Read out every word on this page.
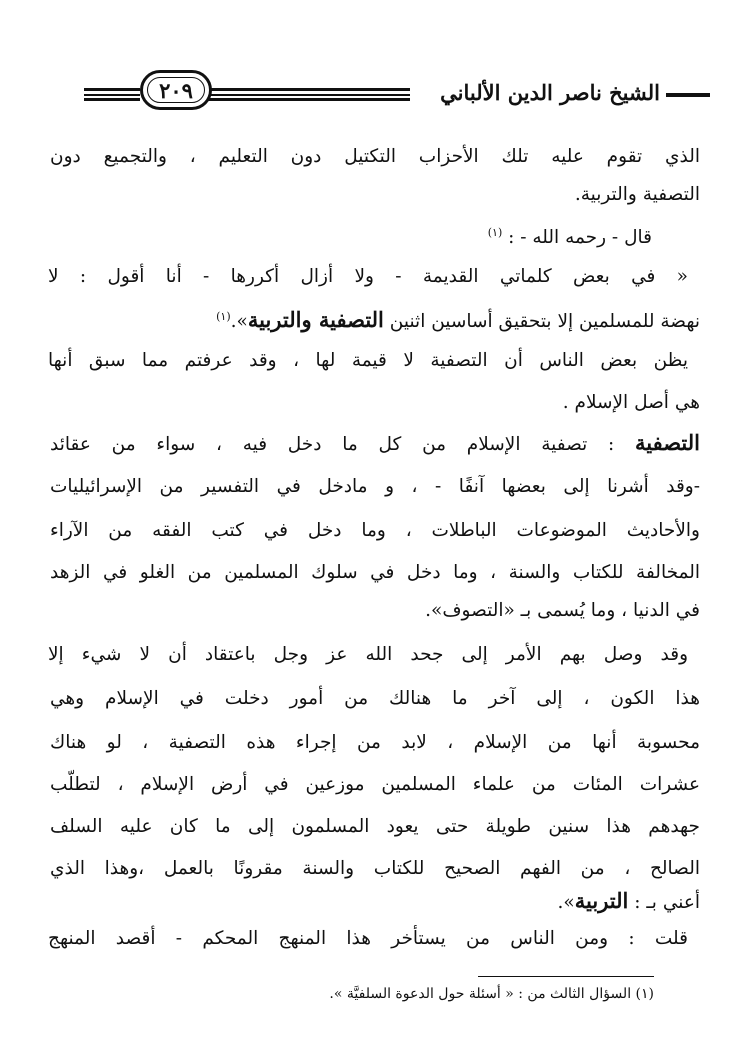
الشيخ ناصر الدين الألباني
٢٠٩
الذي تقوم عليه تلك الأحزاب التكتيل دون التعليم ، والتجميع دون
التصفية والتربية.
قال - رحمه الله - : $^{(١)}$
« في بعض كلماتي القديمة - ولا أزال أكررها - أنا أقول : لا
نهضة للمسلمين إلا بتحقيق أساسين اثنين التصفية والتربية».$^{(١)}$
يظن بعض الناس أن التصفية لا قيمة لها ، وقد عرفتم مما سبق أنها
هي أصل الإسلام .
التصفية : تصفية الإسلام من كل ما دخل فيه ، سواء من عقائد
-وقد أشرنا إلى بعضها آنفًا - ، و مادخل في التفسير من الإسرائيليات
والأحاديث الموضوعات الباطلات ، وما دخل في كتب الفقه من الآراء
المخالفة للكتاب والسنة ، وما دخل في سلوك المسلمين من الغلو في الزهد
في الدنيا ، وما يُسمى بـ «التصوف».
وقد وصل بهم الأمر إلى جحد الله عز وجل باعتقاد أن لا شيء إلا
هذا الكون ، إلى آخر ما هنالك من أمور دخلت في الإسلام وهي
محسوبة أنها من الإسلام ، لابد من إجراء هذه التصفية ، لو هناك
عشرات المئات من علماء المسلمين موزعين في أرض الإسلام ، لتطلّب
جهدهم هذا سنين طويلة حتى يعود المسلمون إلى ما كان عليه السلف
الصالح ، من الفهم الصحيح للكتاب والسنة مقرونًا بالعمل ،وهذا الذي
أعني بـ : التربية».
قلت : ومن الناس من يستأخر هذا المنهج المحكم - أقصد المنهج
(١) السؤال الثالث من : « أسئلة حول الدعوة السلفيَّة ».
